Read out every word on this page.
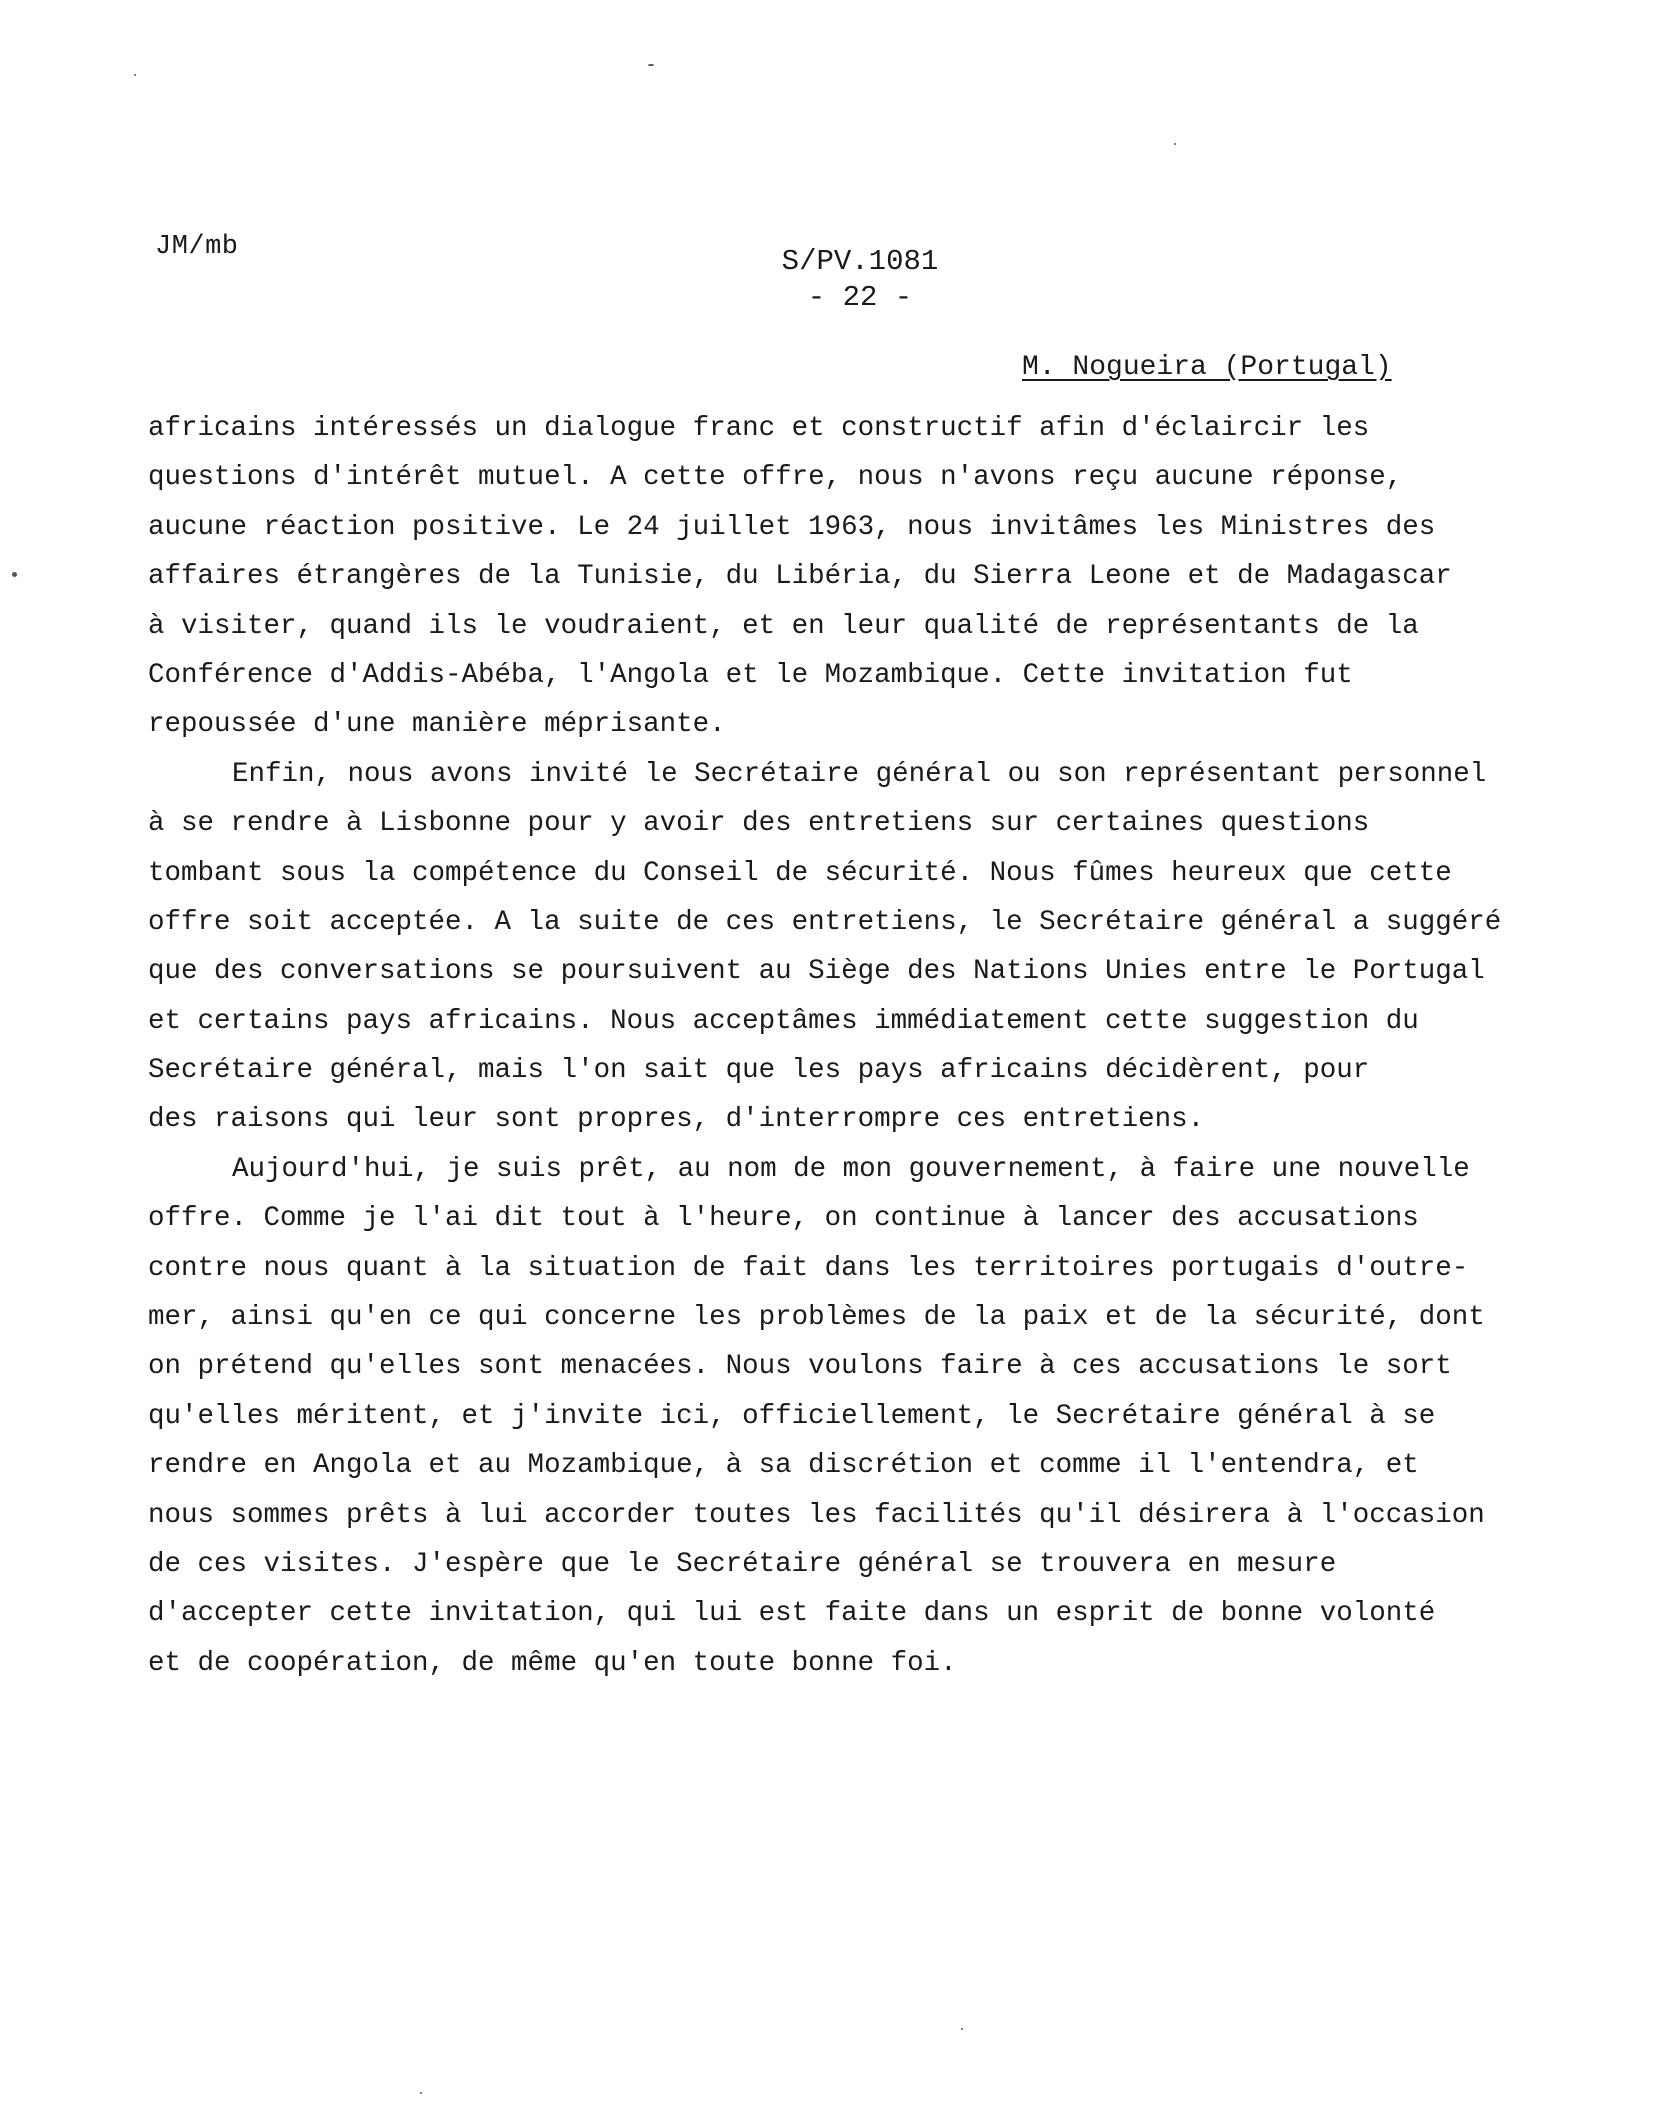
JM/mb	S/PV.1081
- 22 -
M. Nogueira (Portugal)
africains intéressés un dialogue franc et constructif afin d'éclaircir les
questions d'intérêt mutuel. A cette offre, nous n'avons reçu aucune réponse,
aucune réaction positive. Le 24 juillet 1963, nous invitâmes les Ministres des
affaires étrangères de la Tunisie, du Libéria, du Sierra Leone et de Madagascar
à visiter, quand ils le voudraient, et en leur qualité de représentants de la
Conférence d'Addis-Abéba, l'Angola et le Mozambique. Cette invitation fut
repoussée d'une manière méprisante.
Enfin, nous avons invité le Secrétaire général ou son représentant personnel
à se rendre à Lisbonne pour y avoir des entretiens sur certaines questions
tombant sous la compétence du Conseil de sécurité. Nous fûmes heureux que cette
offre soit acceptée. A la suite de ces entretiens, le Secrétaire général a suggéré
que des conversations se poursuivent au Siège des Nations Unies entre le Portugal
et certains pays africains. Nous acceptâmes immédiatement cette suggestion du
Secrétaire général, mais l'on sait que les pays africains décidèrent, pour
des raisons qui leur sont propres, d'interrompre ces entretiens.
Aujourd'hui, je suis prêt, au nom de mon gouvernement, à faire une nouvelle
offre. Comme je l'ai dit tout à l'heure, on continue à lancer des accusations
contre nous quant à la situation de fait dans les territoires portugais d'outre-
mer, ainsi qu'en ce qui concerne les problèmes de la paix et de la sécurité, dont
on prétend qu'elles sont menacées. Nous voulons faire à ces accusations le sort
qu'elles méritent, et j'invite ici, officiellement, le Secrétaire général à se
rendre en Angola et au Mozambique, à sa discrétion et comme il l'entendra, et
nous sommes prêts à lui accorder toutes les facilités qu'il désirera à l'occasion
de ces visites. J'espère que le Secrétaire général se trouvera en mesure
d'accepter cette invitation, qui lui est faite dans un esprit de bonne volonté
et de coopération, de même qu'en toute bonne foi.
